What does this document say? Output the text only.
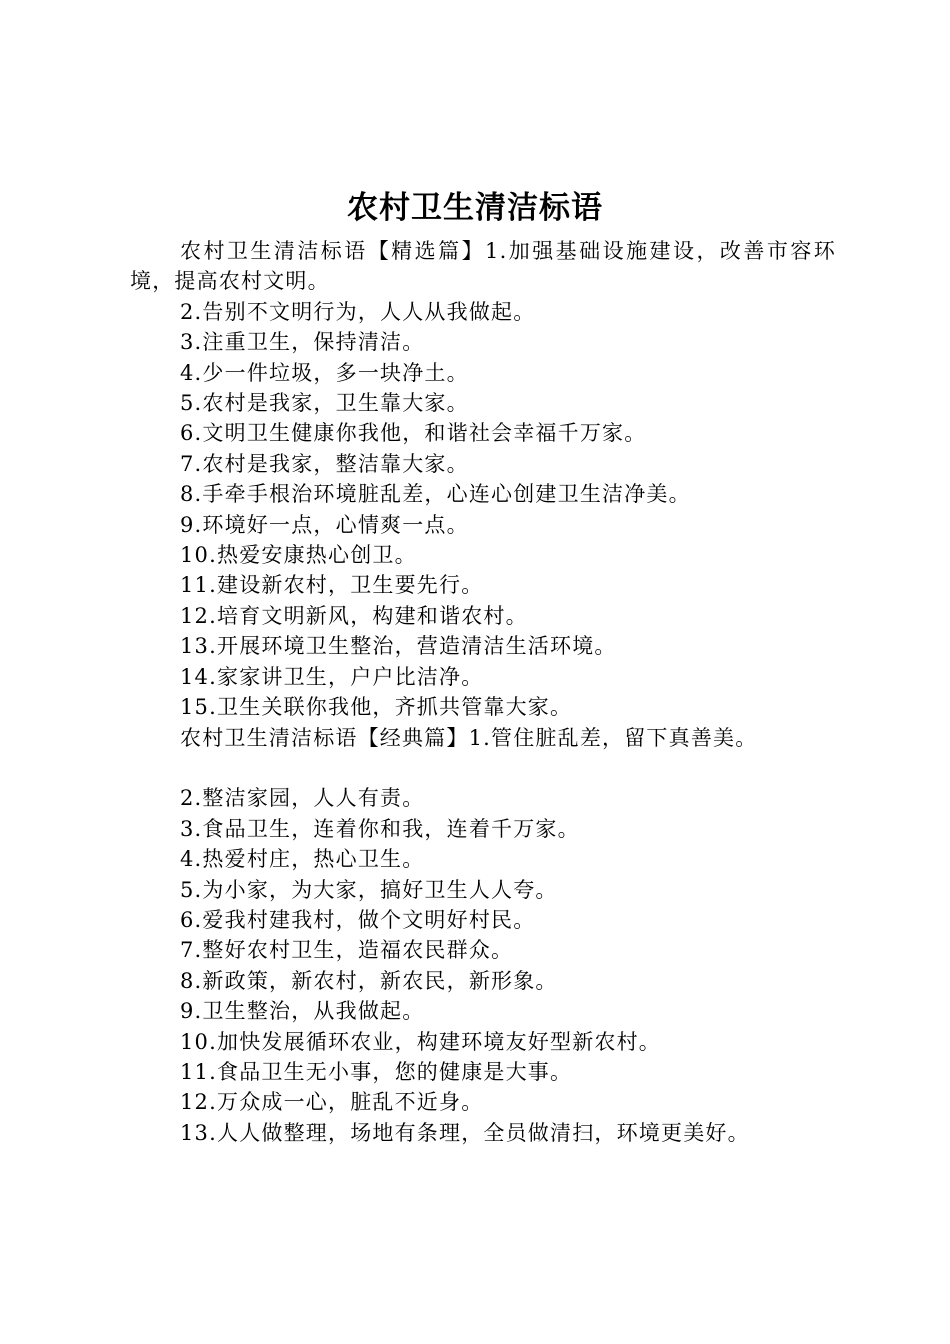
农村卫生清洁标语

农村卫生清洁标语【精选篇】1.加强基础设施建设，改善市容环境，提高农村文明。

2.告别不文明行为，人人从我做起。

3.注重卫生，保持清洁。

4.少一件垃圾，多一块净土。

5.农村是我家，卫生靠大家。

6.文明卫生健康你我他，和谐社会幸福千万家。

7.农村是我家，整洁靠大家。

8.手牵手根治环境脏乱差，心连心创建卫生洁净美。

9.环境好一点，心情爽一点。

10.热爱安康热心创卫。

11.建设新农村，卫生要先行。

12.培育文明新风，构建和谐农村。

13.开展环境卫生整治，营造清洁生活环境。

14.家家讲卫生，户户比洁净。

15.卫生关联你我他，齐抓共管靠大家。

农村卫生清洁标语【经典篇】1.管住脏乱差，留下真善美。

2.整洁家园，人人有责。

3.食品卫生，连着你和我，连着千万家。

4.热爱村庄，热心卫生。

5.为小家，为大家，搞好卫生人人夸。

6.爱我村建我村，做个文明好村民。

7.整好农村卫生，造福农民群众。

8.新政策，新农村，新农民，新形象。

9.卫生整治，从我做起。

10.加快发展循环农业，构建环境友好型新农村。

11.食品卫生无小事，您的健康是大事。

12.万众成一心，脏乱不近身。

13.人人做整理，场地有条理，全员做清扫，环境更美好。
